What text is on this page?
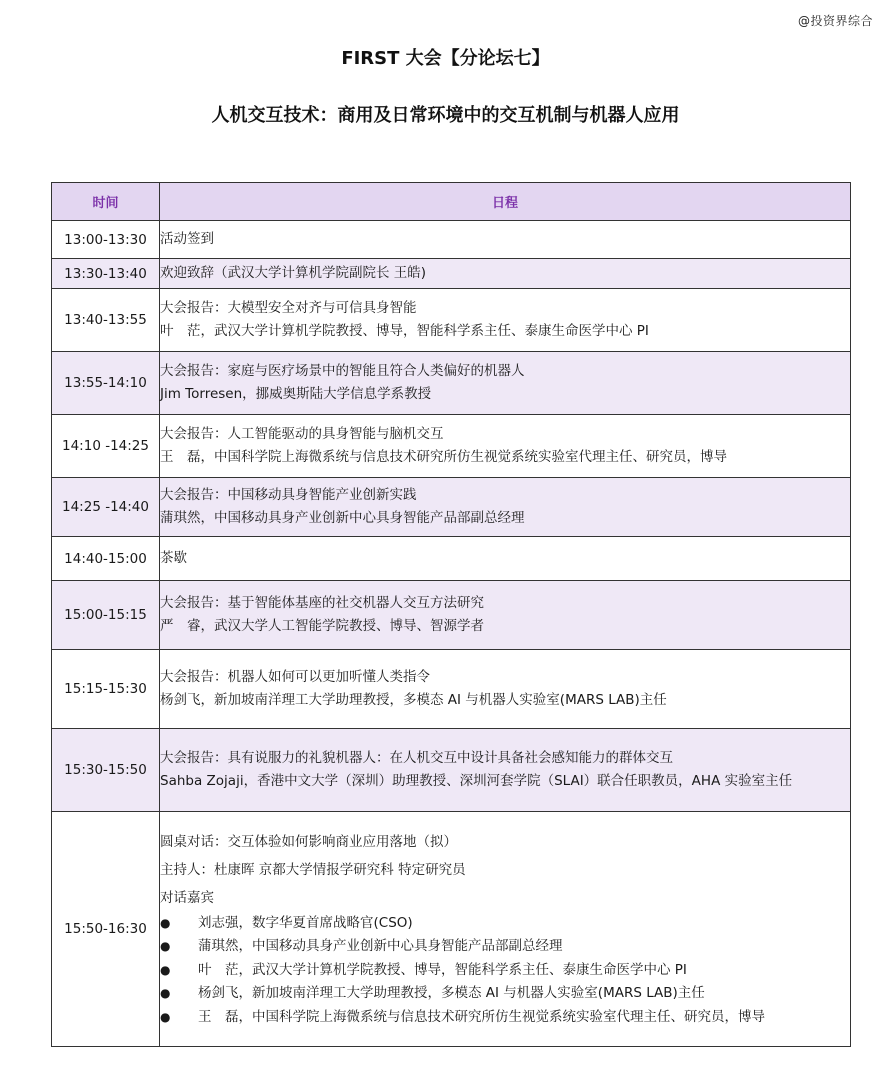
@投资界综合
FIRST 大会【分论坛七】
人机交互技术：商用及日常环境中的交互机制与机器人应用
时间	日程
13:00-13:30	活动签到

13:30-13:40	欢迎致辞（武汉大学计算机学院副院长 王皓)

13:40-13:55	大会报告：大模型安全对齐与可信具身智能
叶　茫，武汉大学计算机学院教授、博导，智能科学系主任、泰康生命医学中心 PI

13:55-14:10	大会报告：家庭与医疗场景中的智能且符合人类偏好的机器人
Jim Torresen，挪威奥斯陆大学信息学系教授

14:10 -14:25	大会报告：人工智能驱动的具身智能与脑机交互
王　磊，中国科学院上海微系统与信息技术研究所仿生视觉系统实验室代理主任、研究员，博导

14:25 -14:40	大会报告：中国移动具身智能产业创新实践
蒲琪然，中国移动具身产业创新中心具身智能产品部副总经理

14:40-15:00	茶歇

15:00-15:15	大会报告：基于智能体基座的社交机器人交互方法研究
严　睿，武汉大学人工智能学院教授、博导、智源学者

15:15-15:30	大会报告：机器人如何可以更加听懂人类指令
杨剑飞，新加坡南洋理工大学助理教授，多模态 AI 与机器人实验室(MARS LAB)主任

15:30-15:50	大会报告：具有说服力的礼貌机器人：在人机交互中设计具备社会感知能力的群体交互
Sahba Zojaji，香港中文大学（深圳）助理教授、深圳河套学院（SLAI）联合任职教员，AHA 实验室主任

15:50-16:30	
圆桌对话：交互体验如何影响商业应用落地（拟）
主持人：杜康晖 京都大学情报学研究科 特定研究员
对话嘉宾
●	刘志强，数字华夏首席战略官(CSO)
●	蒲琪然，中国移动具身产业创新中心具身智能产品部副总经理
●	叶　茫，武汉大学计算机学院教授、博导，智能科学系主任、泰康生命医学中心 PI
●	杨剑飞，新加坡南洋理工大学助理教授，多模态 AI 与机器人实验室(MARS LAB)主任
●	王　磊，中国科学院上海微系统与信息技术研究所仿生视觉系统实验室代理主任、研究员，博导
